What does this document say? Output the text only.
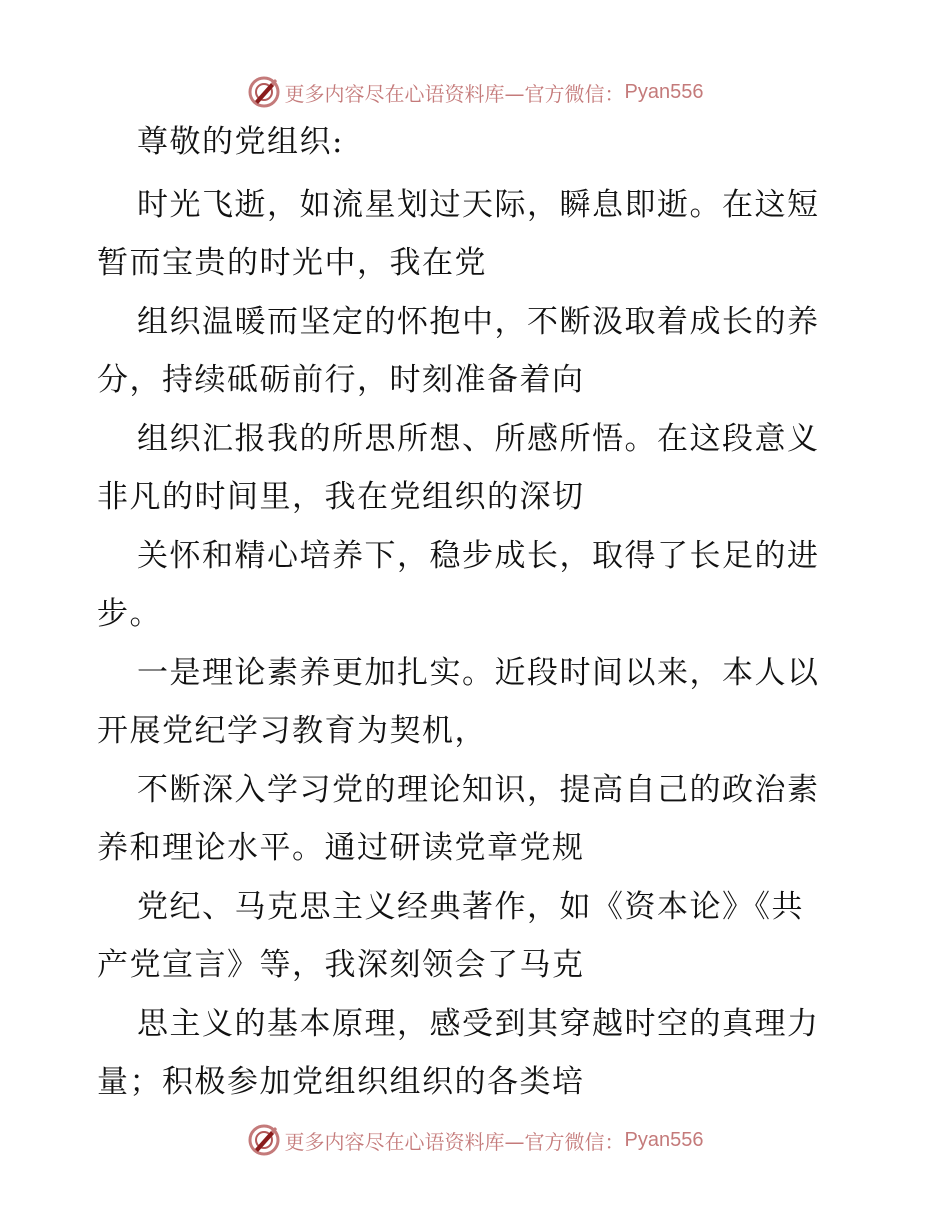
更多内容尽在心语资料库—官方微信： Pyan556
尊敬的党组织:
时光飞逝，如流星划过天际，瞬息即逝。在这短
暂而宝贵的时光中，我在党
组织温暖而坚定的怀抱中，不断汲取着成长的养
分，持续砥砺前行，时刻准备着向
组织汇报我的所思所想、所感所悟。在这段意义
非凡的时间里，我在党组织的深切
关怀和精心培养下，稳步成长，取得了长足的进
步。
一是理论素养更加扎实。近段时间以来，本人以
开展党纪学习教育为契机，
不断深入学习党的理论知识，提高自己的政治素
养和理论水平。通过研读党章党规
党纪、马克思主义经典著作，如《资本论》《共
产党宣言》等，我深刻领会了马克
思主义的基本原理，感受到其穿越时空的真理力
量；积极参加党组织组织的各类培
更多内容尽在心语资料库—官方微信： Pyan556
